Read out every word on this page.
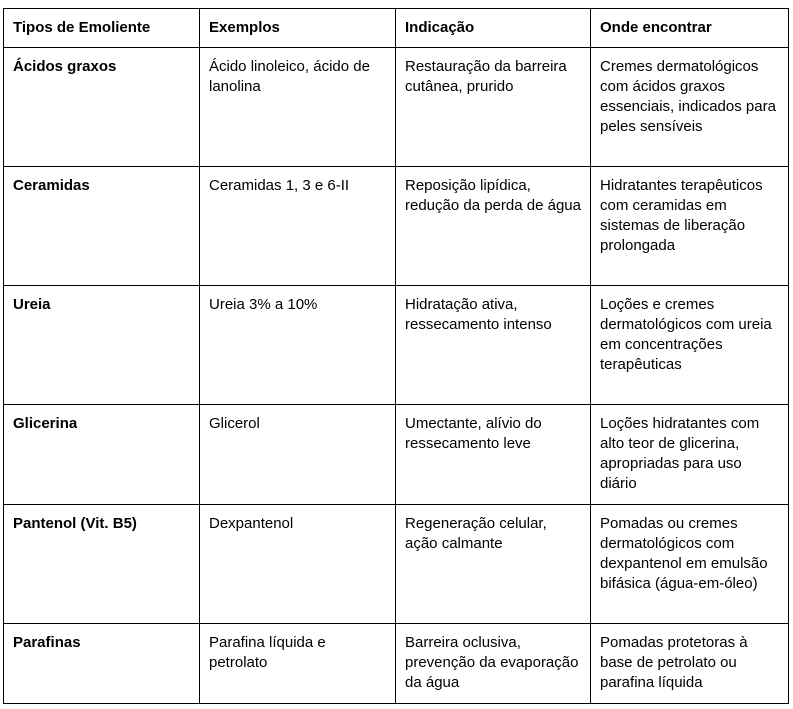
Tipos de Emoliente	Exemplos	Indicação	Onde encontrar
Ácidos graxos	Ácido linoleico, ácido de lanolina	Restauração da barreira cutânea, prurido	Cremes dermatológicos com ácidos graxos essenciais, indicados para peles sensíveis
Ceramidas	Ceramidas 1, 3 e 6-II	Reposição lipídica, redução da perda de água	Hidratantes terapêuticos com ceramidas em sistemas de liberação prolongada
Ureia	Ureia 3% a 10%	Hidratação ativa, ressecamento intenso	Loções e cremes dermatológicos com ureia em concentrações terapêuticas
Glicerina	Glicerol	Umectante, alívio do ressecamento leve	Loções hidratantes com alto teor de glicerina, apropriadas para uso diário
Pantenol (Vit. B5)	Dexpantenol	Regeneração celular, ação calmante	Pomadas ou cremes dermatológicos com dexpantenol em emulsão bifásica (água-em-óleo)
Parafinas	Parafina líquida e petrolato	Barreira oclusiva, prevenção da evaporação da água	Pomadas protetoras à base de petrolato ou parafina líquida
